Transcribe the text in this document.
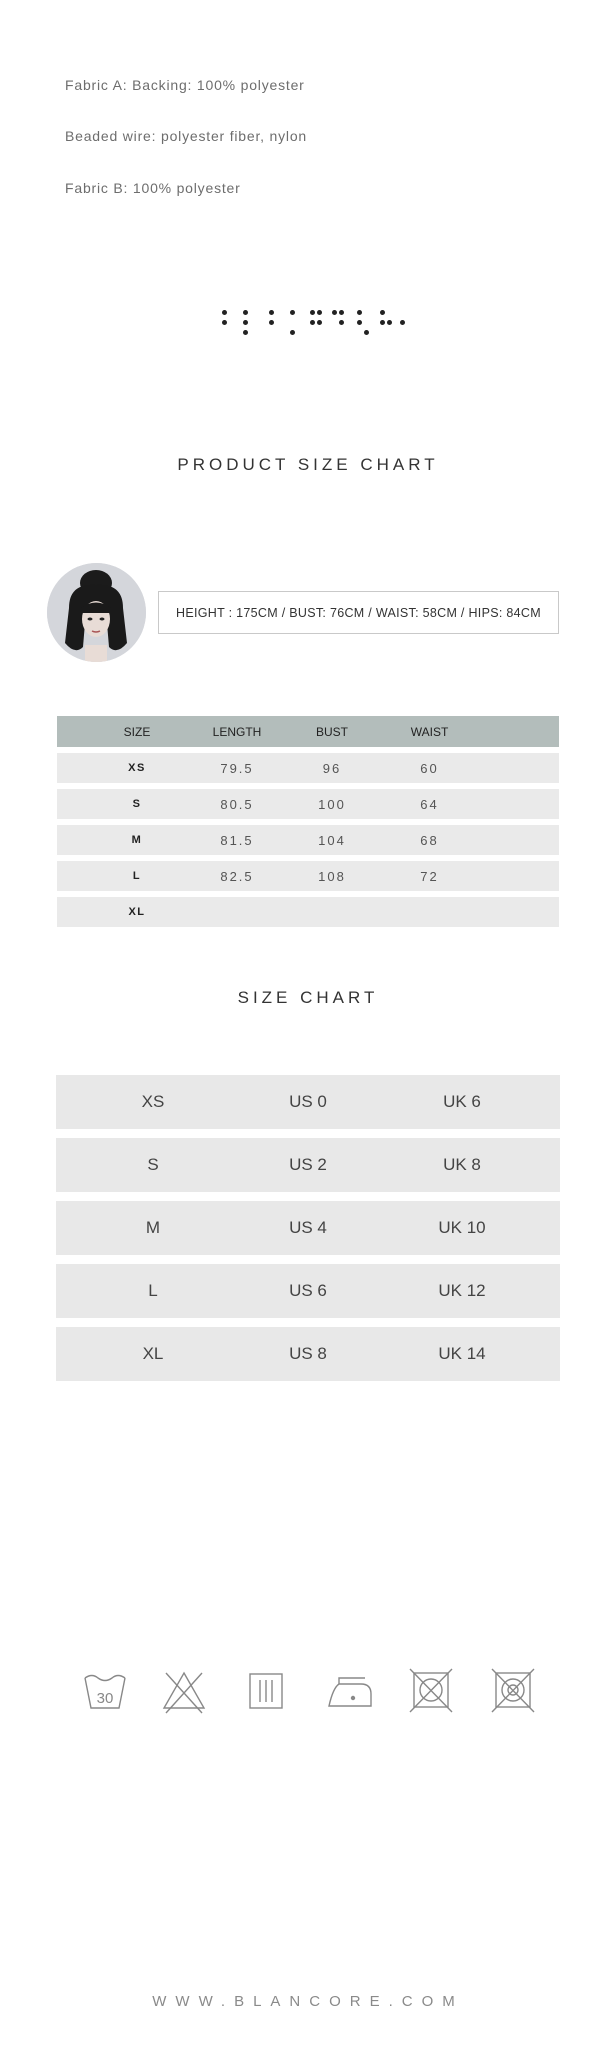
Fabric A: Backing: 100% polyester
Beaded wire: polyester fiber, nylon
Fabric B: 100% polyester
PRODUCT SIZE CHART
HEIGHT : 175CM / BUST: 76CM / WAIST: 58CM / HIPS: 84CM
SIZE	LENGTH	BUST	WAIST
XS	79.5	96	60
S	80.5	100	64
M	81.5	104	68
L	82.5	108	72
XL
SIZE CHART
XS	US 0	UK 6
S	US 2	UK 8
M	US 4	UK 10
L	US 6	UK 12
XL	US 8	UK 14
30
WWW.BLANCORE.COM
